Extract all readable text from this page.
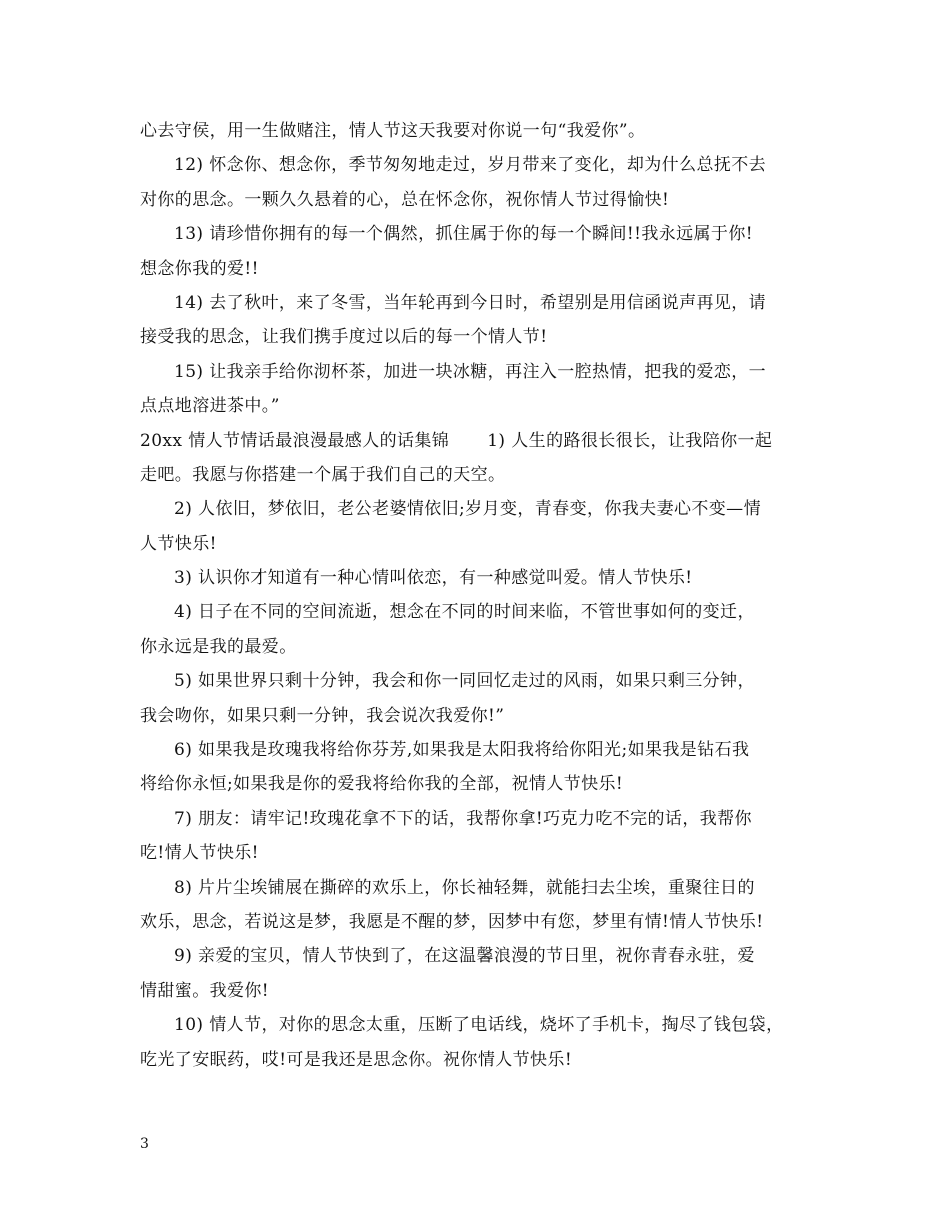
心去守侯，用一生做赌注，情人节这天我要对你说一句“我爱你”。
12) 怀念你、想念你，季节匆匆地走过，岁月带来了变化，却为什么总抚不去
对你的思念。一颗久久悬着的心，总在怀念你，祝你情人节过得愉快!
13) 请珍惜你拥有的每一个偶然，抓住属于你的每一个瞬间!!我永远属于你!
想念你我的爱!!
14) 去了秋叶，来了冬雪，当年轮再到今日时，希望别是用信函说声再见，请
接受我的思念，让我们携手度过以后的每一个情人节!
15) 让我亲手给你沏杯茶，加进一块冰糖，再注入一腔热情，把我的爱恋，一
点点地溶进茶中。”
20xx 情人节情话最浪漫最感人的话集锦 1) 人生的路很长很长，让我陪你一起
走吧。我愿与你搭建一个属于我们自己的天空。
2) 人依旧，梦依旧，老公老婆情依旧;岁月变，青春变，你我夫妻心不变—情
人节快乐!
3) 认识你才知道有一种心情叫依恋，有一种感觉叫爱。情人节快乐!
4) 日子在不同的空间流逝，想念在不同的时间来临，不管世事如何的变迁，
你永远是我的最爱。
5) 如果世界只剩十分钟，我会和你一同回忆走过的风雨，如果只剩三分钟，
我会吻你，如果只剩一分钟，我会说次我爱你!”
6) 如果我是玫瑰我将给你芬芳,如果我是太阳我将给你阳光;如果我是钻石我
将给你永恒;如果我是你的爱我将给你我的全部，祝情人节快乐!
7) 朋友：请牢记!玫瑰花拿不下的话，我帮你拿!巧克力吃不完的话，我帮你
吃!情人节快乐!
8) 片片尘埃铺展在撕碎的欢乐上，你长袖轻舞，就能扫去尘埃，重聚往日的
欢乐，思念，若说这是梦，我愿是不醒的梦，因梦中有您，梦里有情!情人节快乐!
9) 亲爱的宝贝，情人节快到了，在这温馨浪漫的节日里，祝你青春永驻，爱
情甜蜜。我爱你!
10) 情人节，对你的思念太重，压断了电话线，烧坏了手机卡，掏尽了钱包袋，
吃光了安眠药，哎!可是我还是思念你。祝你情人节快乐!
3
